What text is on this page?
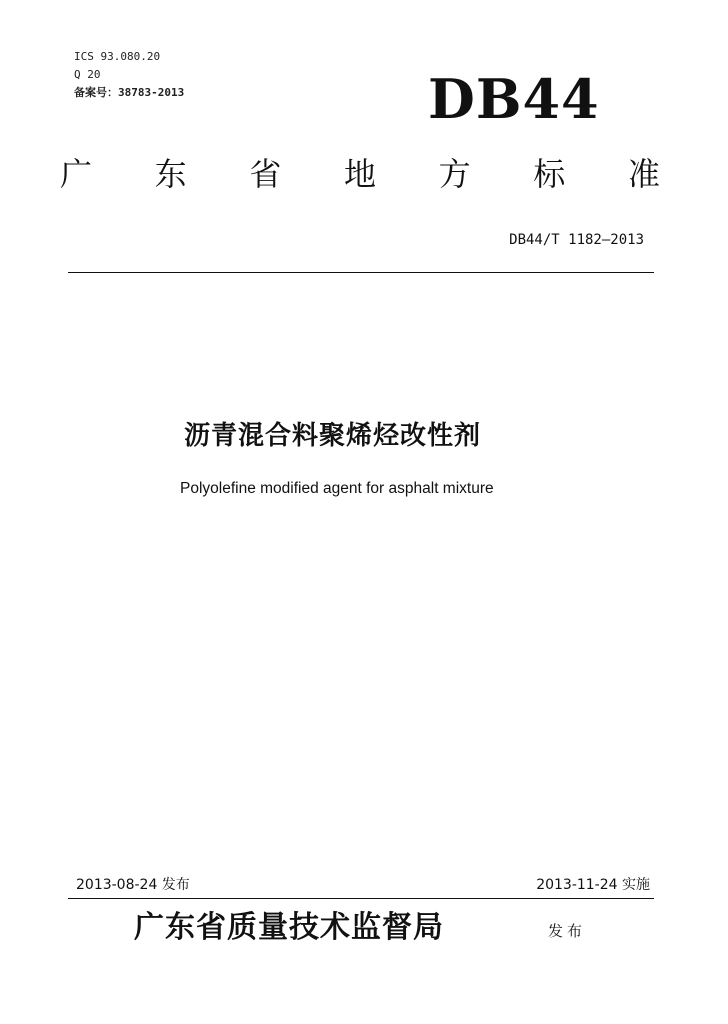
ICS 93.080.20
Q 20
备案号：38783-2013	DB44
广 东 省 地 方 标 准
DB44/T 1182—2013
沥青混合料聚烯烃改性剂
Polyolefine modified agent for asphalt mixture
2013-08-24 发布	2013-11-24 实施
广东省质量技术监督局	发布
